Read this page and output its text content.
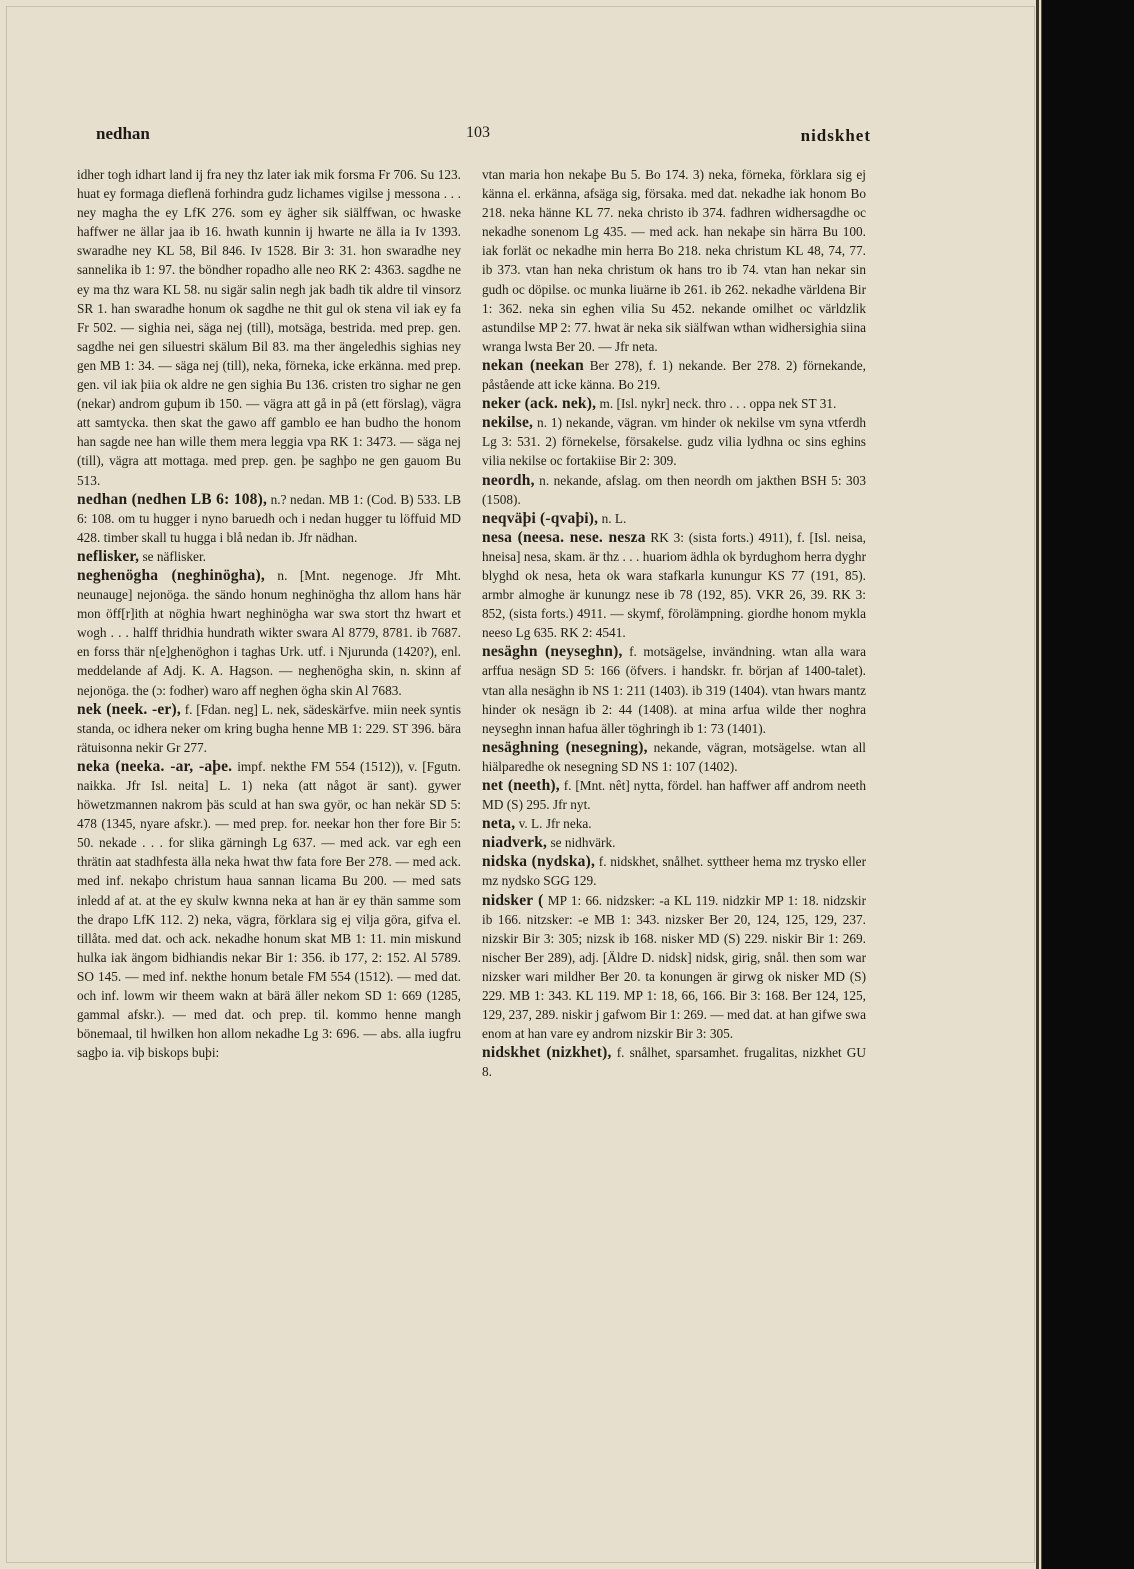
nedhan	103	nidskhet

idher togh idhart land ij fra ney thz later iak mik forsma Fr 706. Su 123. huat ey formaga dieflenä forhindra gudz lichames vigilse j messona . . . ney magha the ey LfK 276. som ey ägher sik siälffwan, oc hwaske haffwer ne ällar jaa ib 16. hwath kunnin ij hwarte ne älla ia Iv 1393. swaradhe ney KL 58, Bil 846. Iv 1528. Bir 3: 31. hon swaradhe ney sannelika ib 1: 97. the böndher ropadho alle neo RK 2: 4363. sagdhe ne ey ma thz wara KL 58. nu sigär salin negh jak badh tik aldre til vinsorz SR 1. han swaradhe honum ok sagdhe ne thit gul ok stena vil iak ey fa Fr 502. — sighia nei, säga nej (till), motsäga, bestrida. med prep. gen. sagdhe nei gen siluestri skälum Bil 83. ma ther ängeledhis sighias ney gen MB 1: 34. — säga nej (till), neka, förneka, icke erkänna. med prep. gen. vil iak þiia ok aldre ne gen sighia Bu 136. cristen tro sighar ne gen (nekar) androm guþum ib 150. — vägra att gå in på (ett förslag), vägra att samtycka. then skat the gawo aff gamblo ee han budho the honom han sagde nee han wille them mera leggia vpa RK 1: 3473. — säga nej (till), vägra att mottaga. med prep. gen. þe saghþo ne gen gauom Bu 513.

nedhan (nedhen LB 6: 108), n.? nedan. MB 1: (Cod. B) 533. LB 6: 108. om tu hugger i nyno baruedh och i nedan hugger tu löffuid MD 428. timber skall tu hugga i blå nedan ib. Jfr nädhan.

neflisker, se näflisker.

neghenögha (neghinögha), n. [Mnt. negenoge. Jfr Mht. neunauge] nejonöga. the sändo honum neghinögha thz allom hans här mon öff[r]ith at nöghia hwart neghinögha war swa stort thz hwart et wogh . . . halff thridhia hundrath wikter swara Al 8779, 8781. ib 7687. en forss thär n[e]ghenöghon i taghas Urk. utf. i Njurunda (1420?), enl. meddelande af Adj. K. A. Hagson. — neghenögha skin, n. skinn af nejonöga. the (ɔ: fodher) waro aff neghen ögha skin Al 7683.

nek (neek. -er), f. [Fdan. neg] L. nek, sädeskärfve. miin neek syntis standa, oc idhera neker om kring bugha henne MB 1: 229. ST 396. bära rätuisonna nekir Gr 277.

neka (neeka. -ar, -aþe. impf. nekthe FM 554 (1512)), v. [Fgutn. naikka. Jfr Isl. neita] L. 1) neka (att något är sant). gywer höwetzmannen nakrom þäs sculd at han swa györ, oc han nekär SD 5: 478 (1345, nyare afskr.). — med prep. for. neekar hon ther fore Bir 5: 50. nekade . . . for slika gärningh Lg 637. — med ack. var egh een thrätin aat stadhfesta älla neka hwat thw fata fore Ber 278. — med ack. med inf. nekaþo christum haua sannan licama Bu 200. — med sats inledd af at. at the ey skulw kwnna neka at han är ey thän samme som the drapo LfK 112. 2) neka, vägra, förklara sig ej vilja göra, gifva el. tillåta. med dat. och ack. nekadhe honum skat MB 1: 11. min miskund hulka iak ängom bidhiandis nekar Bir 1: 356. ib 177, 2: 152. Al 5789. SO 145. — med inf. nekthe honum betale FM 554 (1512). — med dat. och inf. lowm wir theem wakn at bärä äller nekom SD 1: 669 (1285, gammal afskr.). — med dat. och prep. til. kommo henne mangh bönemaal, til hwilken hon allom nekadhe Lg 3: 696. — abs. alla iugfru sagþo ia. viþ biskops buþi:

vtan maria hon nekaþe Bu 5. Bo 174. 3) neka, förneka, förklara sig ej känna el. erkänna, afsäga sig, försaka. med dat. nekadhe iak honom Bo 218. neka hänne KL 77. neka christo ib 374. fadhren widhersagdhe oc nekadhe sonenom Lg 435. — med ack. han nekaþe sin härra Bu 100. iak forlät oc nekadhe min herra Bo 218. neka christum KL 48, 74, 77. ib 373. vtan han neka christum ok hans tro ib 74. vtan han nekar sin gudh oc döpilse. oc munka liuärne ib 261. ib 262. nekadhe världena Bir 1: 362. neka sin eghen vilia Su 452. nekande omilhet oc världzlik astundilse MP 2: 77. hwat är neka sik siälfwan wthan widhersighia siina wranga lwsta Ber 20. — Jfr neta.

nekan (neekan Ber 278), f. 1) nekande. Ber 278. 2) förnekande, påstående att icke känna. Bo 219.

neker (ack. nek), m. [Isl. nykr] neck. thro . . . oppa nek ST 31.

nekilse, n. 1) nekande, vägran. vm hinder ok nekilse vm syna vtferdh Lg 3: 531. 2) förnekelse, försakelse. gudz vilia lydhna oc sins eghins vilia nekilse oc fortakiise Bir 2: 309.

neordh, n. nekande, afslag. om then neordh om jakthen BSH 5: 303 (1508).

neqväþi (-qvaþi), n. L.

nesa (neesa. nese. nesza RK 3: (sista forts.) 4911), f. [Isl. neisa, hneisa] nesa, skam. är thz . . . huariom ädhla ok byrdughom herra dyghr blyghd ok nesa, heta ok wara stafkarla kunungur KS 77 (191, 85). armbr almoghe är kunungz nese ib 78 (192, 85). VKR 26, 39. RK 3: 852, (sista forts.) 4911. — skymf, förolämpning. giordhe honom mykla neeso Lg 635. RK 2: 4541.

nesäghn (neyseghn), f. motsägelse, invändning. wtan alla wara arffua nesägn SD 5: 166 (öfvers. i handskr. fr. början af 1400-talet). vtan alla nesäghn ib NS 1: 211 (1403). ib 319 (1404). vtan hwars mantz hinder ok nesägn ib 2: 44 (1408). at mina arfua wilde ther noghra neyseghn innan hafua äller töghringh ib 1: 73 (1401).

nesäghning (nesegning), nekande, vägran, motsägelse. wtan all hiälparedhe ok nesegning SD NS 1: 107 (1402).

net (neeth), f. [Mnt. nêt] nytta, fördel. han haffwer aff androm neeth MD (S) 295. Jfr nyt.

neta, v. L. Jfr neka.

niadverk, se nidhvärk.

nidska (nydska), f. nidskhet, snålhet. syttheer hema mz trysko eller mz nydsko SGG 129.

nidsker ( MP 1: 66. nidzsker: -a KL 119. nidzkir MP 1: 18. nidzskir ib 166. nitzsker: -e MB 1: 343. nizsker Ber 20, 124, 125, 129, 237. nizskir Bir 3: 305; nizsk ib 168. nisker MD (S) 229. niskir Bir 1: 269. nischer Ber 289), adj. [Äldre D. nidsk] nidsk, girig, snål. then som war nizsker wari mildher Ber 20. ta konungen är girwg ok nisker MD (S) 229. MB 1: 343. KL 119. MP 1: 18, 66, 166. Bir 3: 168. Ber 124, 125, 129, 237, 289. niskir j gafwom Bir 1: 269. — med dat. at han gifwe swa enom at han vare ey androm nizskir Bir 3: 305.

nidskhet (nizkhet), f. snålhet, sparsamhet. frugalitas, nizkhet GU 8.
